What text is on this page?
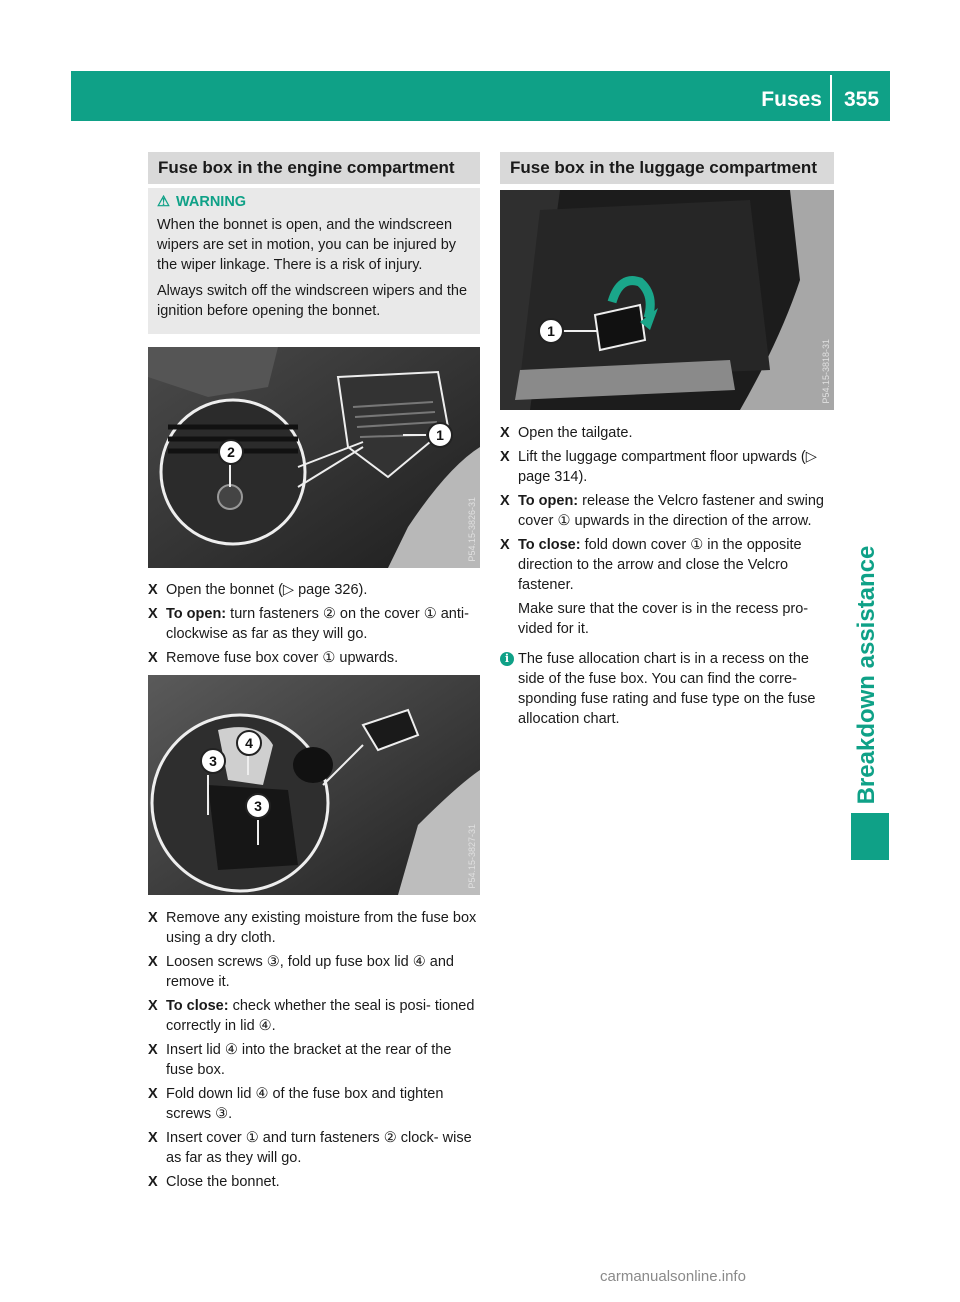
Fuses 355
Breakdown assistance
Fuse box in the engine compartment
⚠ WARNING

When the bonnet is open, and the windscreen wipers are set in motion, you can be injured by the wiper linkage. There is a risk of injury.

Always switch off the windscreen wipers and the ignition before opening the bonnet.

2
1
P54.15-3826-31
X Open the bonnet (▷ page 326).
X To open: turn fasteners ② on the cover ① anti-clockwise as far as they will go.
X Remove fuse box cover ① upwards.
4
3
3
P54.15-3827-31
X Remove any existing moisture from the fuse box using a dry cloth.
X Loosen screws ③, fold up fuse box lid ④ and remove it.
X To close: check whether the seal is posi- tioned correctly in lid ④.
X Insert lid ④ into the bracket at the rear of the fuse box.
X Fold down lid ④ of the fuse box and tighten screws ③.
X Insert cover ① and turn fasteners ② clock- wise as far as they will go.
X Close the bonnet.
Fuse box in the luggage compartment
1
P54.15-3818-31
X Open the tailgate.
X Lift the luggage compartment floor upwards (▷ page 314).
X To open: release the Velcro fastener and swing cover ① upwards in the direction of the arrow.
X To close: fold down cover ① in the opposite direction to the arrow and close the Velcro fastener.
Make sure that the cover is in the recess pro- vided for it.
i The fuse allocation chart is in a recess on the side of the fuse box. You can find the corre- sponding fuse rating and fuse type on the fuse allocation chart.
carmanualsonline.info
